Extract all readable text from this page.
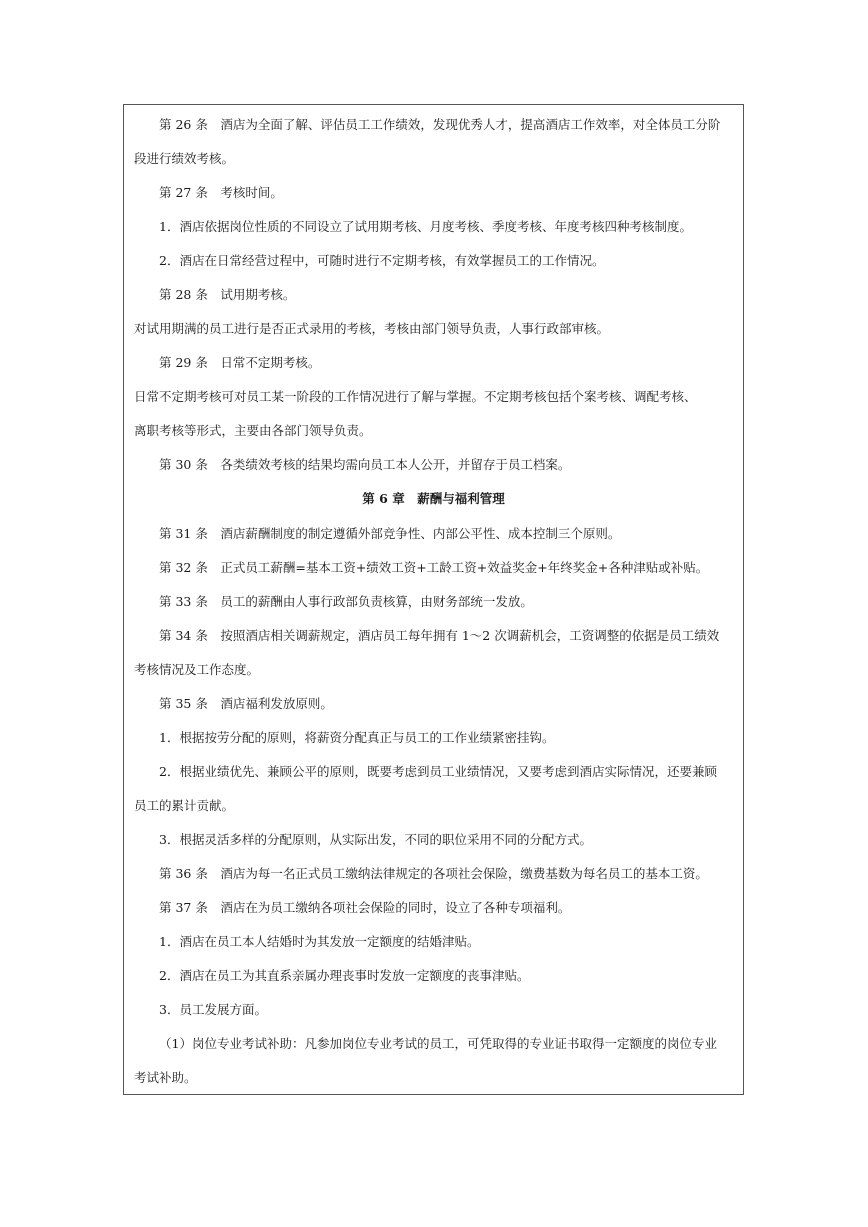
第 26 条　酒店为全面了解、评估员工工作绩效，发现优秀人才，提高酒店工作效率，对全体员工分阶

段进行绩效考核。

第 27 条　考核时间。

1．酒店依据岗位性质的不同设立了试用期考核、月度考核、季度考核、年度考核四种考核制度。

2．酒店在日常经营过程中，可随时进行不定期考核，有效掌握员工的工作情况。

第 28 条　试用期考核。

对试用期满的员工进行是否正式录用的考核，考核由部门领导负责，人事行政部审核。

第 29 条　日常不定期考核。

日常不定期考核可对员工某一阶段的工作情况进行了解与掌握。不定期考核包括个案考核、调配考核、

离职考核等形式，主要由各部门领导负责。

第 30 条　各类绩效考核的结果均需向员工本人公开，并留存于员工档案。

第 6 章　薪酬与福利管理

第 31 条　酒店薪酬制度的制定遵循外部竞争性、内部公平性、成本控制三个原则。

第 32 条　正式员工薪酬=基本工资+绩效工资+工龄工资+效益奖金+年终奖金+各种津贴或补贴。

第 33 条　员工的薪酬由人事行政部负责核算，由财务部统一发放。

第 34 条　按照酒店相关调薪规定，酒店员工每年拥有 1～2 次调薪机会，工资调整的依据是员工绩效

考核情况及工作态度。

第 35 条　酒店福利发放原则。

1．根据按劳分配的原则，将薪资分配真正与员工的工作业绩紧密挂钩。

2．根据业绩优先、兼顾公平的原则，既要考虑到员工业绩情况，又要考虑到酒店实际情况，还要兼顾

员工的累计贡献。

3．根据灵活多样的分配原则，从实际出发，不同的职位采用不同的分配方式。

第 36 条　酒店为每一名正式员工缴纳法律规定的各项社会保险，缴费基数为每名员工的基本工资。

第 37 条　酒店在为员工缴纳各项社会保险的同时，设立了各种专项福利。

1．酒店在员工本人结婚时为其发放一定额度的结婚津贴。

2．酒店在员工为其直系亲属办理丧事时发放一定额度的丧事津贴。

3．员工发展方面。

（1）岗位专业考试补助：凡参加岗位专业考试的员工，可凭取得的专业证书取得一定额度的岗位专业

考试补助。
